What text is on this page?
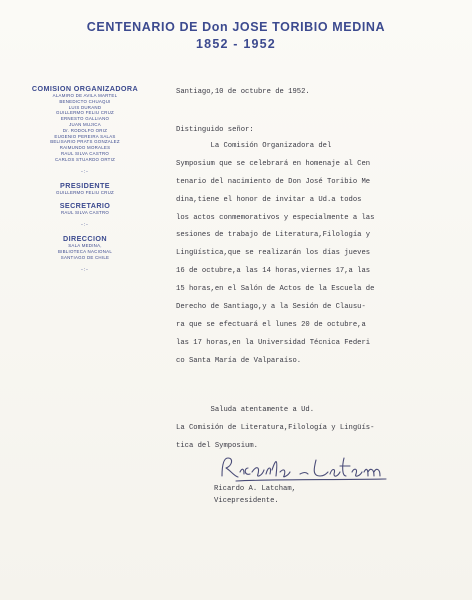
CENTENARIO DE Don JOSE TORIBIO MEDINA
1852 - 1952
COMISION ORGANIZADORA
ALAMIRO DE AVILA MARTEL
BENEDICTO CHUAQUI
LUIS DURAND
GUILLERMO FELIU CRUZ
ERNESTO GALLIANO
JUAN MUJICA
Dr. RODOLFO ORIZ
EUGENIO PEREIRA SALAS
BELISARIO PRATS GONZALEZ
RAIMUNDO MORALES
RAUL SILVA CASTRO
CARLOS STUARDO ORTIZ
-:-
PRESIDENTE
GUILLERMO FELIU CRUZ
SECRETARIO
RAUL SILVA CASTRO
-:-
DIRECCION
SALA MEDINA,
BIBLIOTECA NACIONAL
SANTIAGO DE CHILE
-:-
Santiago,10 de octubre de 1952.
Distinguido señor:
La Comisión Organizadora del
Symposium que se celebrará en homenaje al Cen
tenario del nacimiento de Don José Toribio Me
dina,tiene el honor de invitar a Ud.a todos
los actos conmemorativos y especialmente a las
sesiones de trabajo de Literatura,Filología y
Lingüística,que se realizarán los días jueves
16 de octubre,a las 14 horas,viernes 17,a las
15 horas,en el Salón de Actos de la Escuela de
Derecho de Santiago,y a la Sesión de Clausu-
ra que se efectuará el lunes 20 de octubre,a
las 17 horas,en la Universidad Técnica Federi
co Santa María de Valparaíso.
Saluda atentamente a Ud.
La Comisión de Literatura,Filología y Lingüís-
tica del Symposium.
Ricardo A. Latcham,
Vicepresidente.
